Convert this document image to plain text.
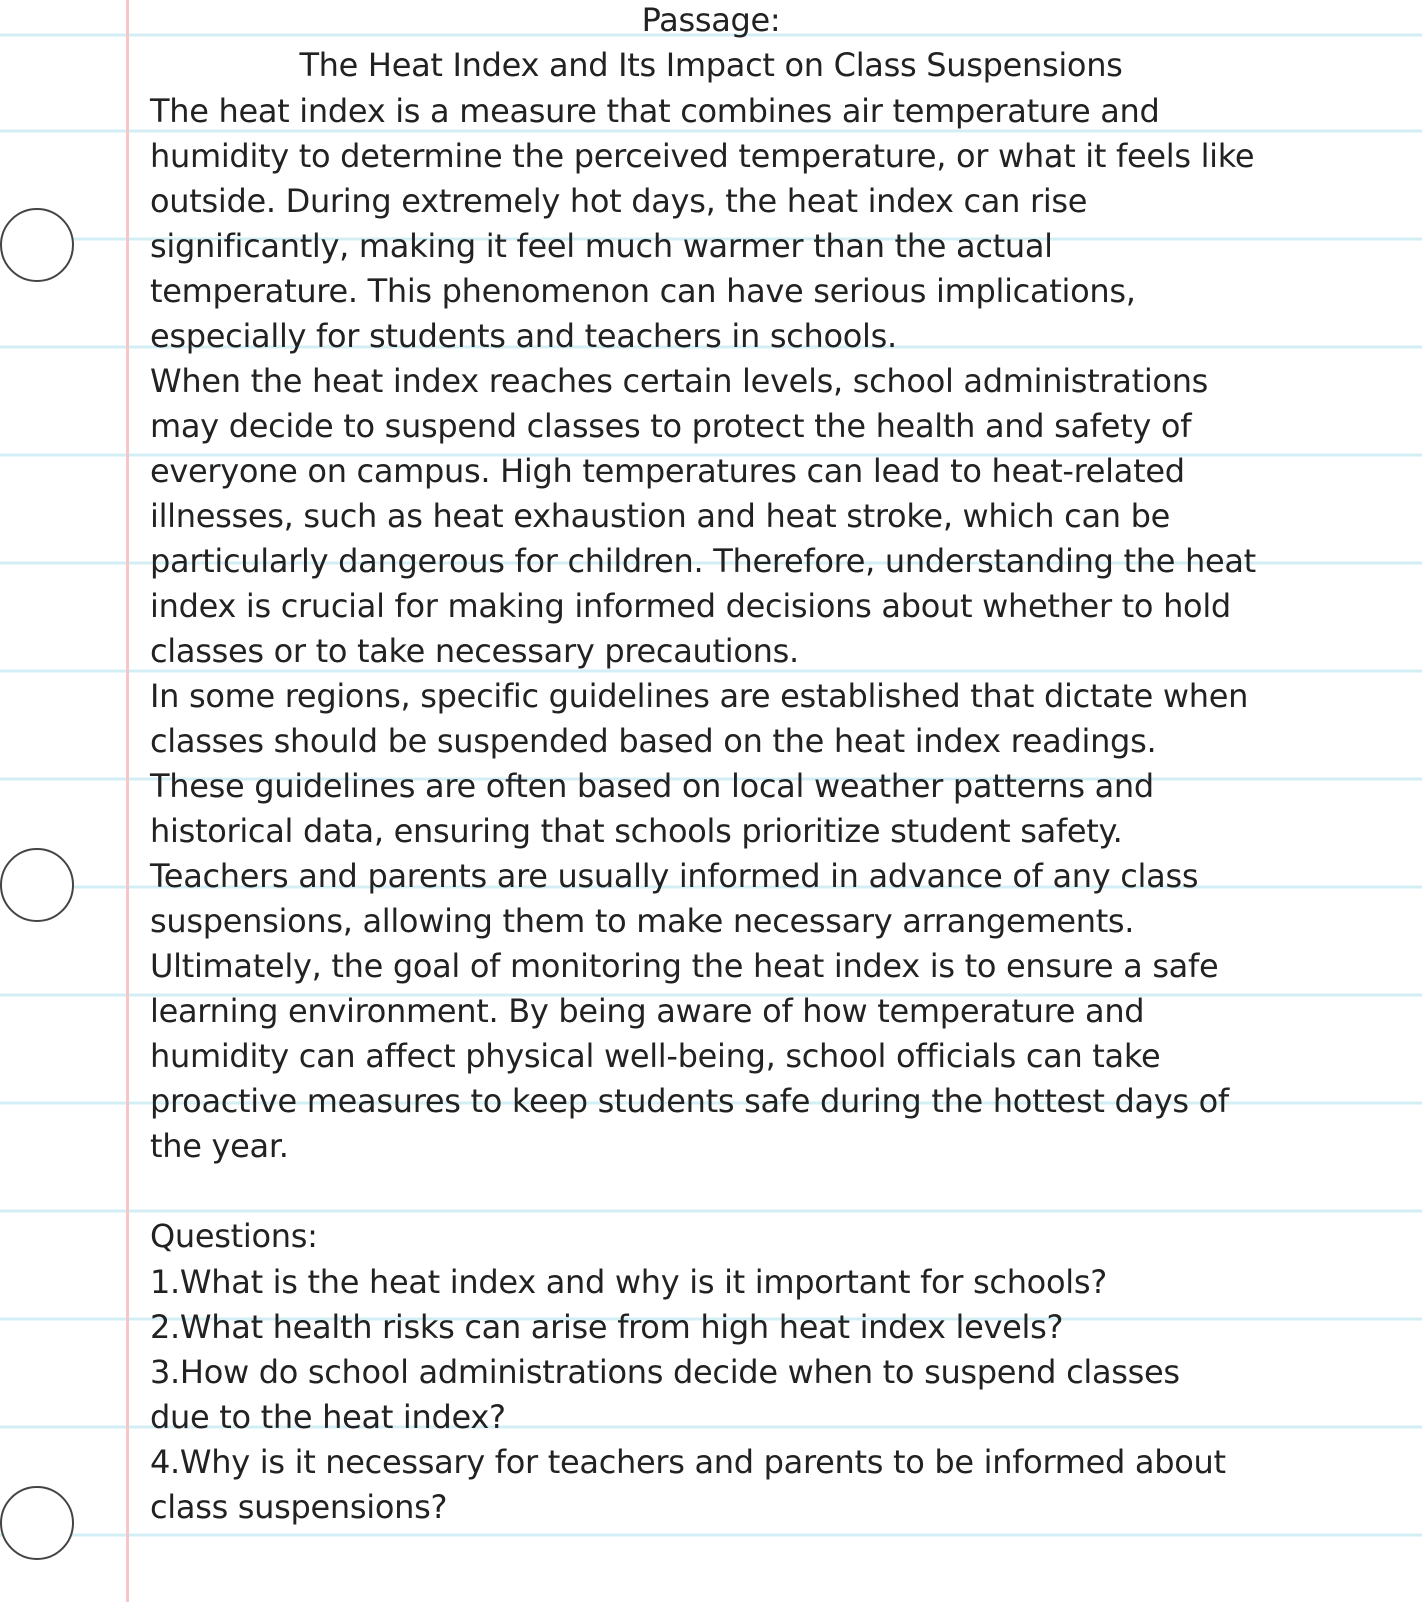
Passage:
The Heat Index and Its Impact on Class Suspensions
The heat index is a measure that combines air temperature and
humidity to determine the perceived temperature, or what it feels like
outside. During extremely hot days, the heat index can rise
significantly, making it feel much warmer than the actual
temperature. This phenomenon can have serious implications,
especially for students and teachers in schools.
When the heat index reaches certain levels, school administrations
may decide to suspend classes to protect the health and safety of
everyone on campus. High temperatures can lead to heat-related
illnesses, such as heat exhaustion and heat stroke, which can be
particularly dangerous for children. Therefore, understanding the heat
index is crucial for making informed decisions about whether to hold
classes or to take necessary precautions.
In some regions, specific guidelines are established that dictate when
classes should be suspended based on the heat index readings.
These guidelines are often based on local weather patterns and
historical data, ensuring that schools prioritize student safety.
Teachers and parents are usually informed in advance of any class
suspensions, allowing them to make necessary arrangements.
Ultimately, the goal of monitoring the heat index is to ensure a safe
learning environment. By being aware of how temperature and
humidity can affect physical well-being, school officials can take
proactive measures to keep students safe during the hottest days of
the year.
Questions:
1.What is the heat index and why is it important for schools?
2.What health risks can arise from high heat index levels?
3.How do school administrations decide when to suspend classes
due to the heat index?
4.Why is it necessary for teachers and parents to be informed about
class suspensions?
